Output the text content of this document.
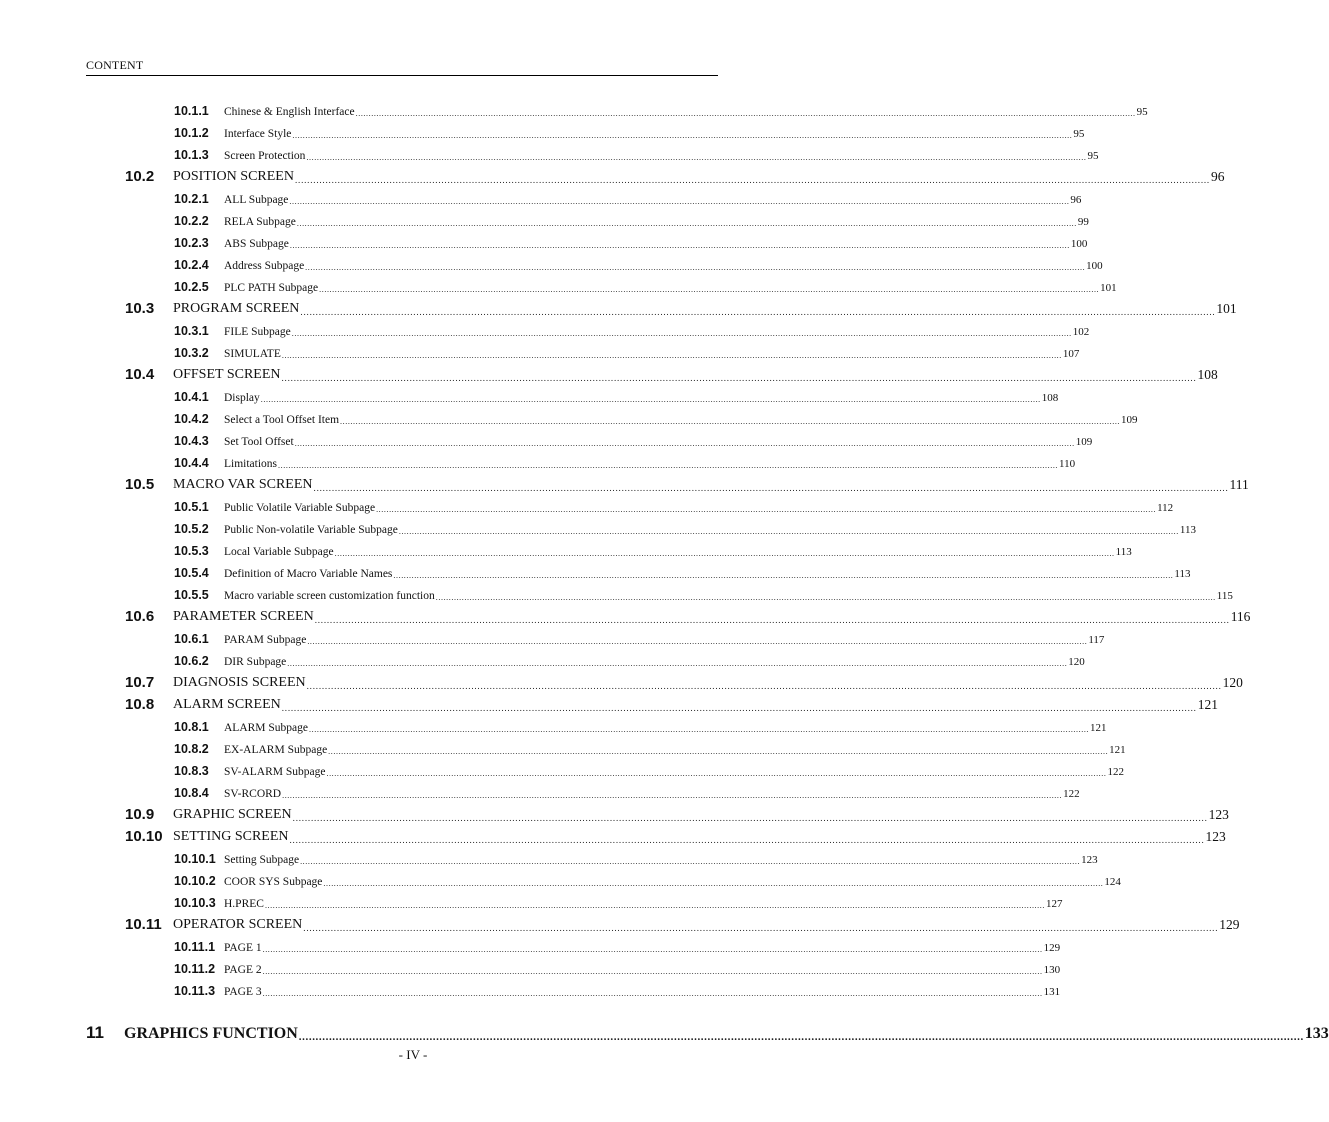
CONTENT
10.1.1 Chinese & English Interface ............................................................................................................................................................................................................................................................................................................ 95
10.1.2 Interface Style ............................................................................................................................................................................................................................................................................................................ 95
10.1.3 Screen Protection ............................................................................................................................................................................................................................................................................................................ 95
10.2 POSITION SCREEN ............................................................................................................................................................................................................................................................................................................ 96
10.2.1 ALL Subpage ............................................................................................................................................................................................................................................................................................................ 96
10.2.2 RELA Subpage ............................................................................................................................................................................................................................................................................................................ 99
10.2.3 ABS Subpage ............................................................................................................................................................................................................................................................................................................ 100
10.2.4 Address Subpage ............................................................................................................................................................................................................................................................................................................ 100
10.2.5 PLC PATH Subpage ............................................................................................................................................................................................................................................................................................................ 101
10.3 PROGRAM SCREEN ............................................................................................................................................................................................................................................................................................................ 101
10.3.1 FILE Subpage ............................................................................................................................................................................................................................................................................................................ 102
10.3.2 SIMULATE ............................................................................................................................................................................................................................................................................................................ 107
10.4 OFFSET SCREEN ............................................................................................................................................................................................................................................................................................................ 108
10.4.1 Display ............................................................................................................................................................................................................................................................................................................ 108
10.4.2 Select a Tool Offset Item ............................................................................................................................................................................................................................................................................................................ 109
10.4.3 Set Tool Offset ............................................................................................................................................................................................................................................................................................................ 109
10.4.4 Limitations ............................................................................................................................................................................................................................................................................................................ 110
10.5 MACRO VAR SCREEN ............................................................................................................................................................................................................................................................................................................ 111
10.5.1 Public Volatile Variable Subpage ............................................................................................................................................................................................................................................................................................................ 112
10.5.2 Public Non-volatile Variable Subpage ............................................................................................................................................................................................................................................................................................................ 113
10.5.3 Local Variable Subpage ............................................................................................................................................................................................................................................................................................................ 113
10.5.4 Definition of Macro Variable Names ............................................................................................................................................................................................................................................................................................................ 113
10.5.5 Macro variable screen customization function ............................................................................................................................................................................................................................................................................................................ 115
10.6 PARAMETER SCREEN ............................................................................................................................................................................................................................................................................................................ 116
10.6.1 PARAM Subpage ............................................................................................................................................................................................................................................................................................................ 117
10.6.2 DIR Subpage ............................................................................................................................................................................................................................................................................................................ 120
10.7 DIAGNOSIS SCREEN ............................................................................................................................................................................................................................................................................................................ 120
10.8 ALARM SCREEN ............................................................................................................................................................................................................................................................................................................ 121
10.8.1 ALARM Subpage ............................................................................................................................................................................................................................................................................................................ 121
10.8.2 EX-ALARM Subpage ............................................................................................................................................................................................................................................................................................................ 121
10.8.3 SV-ALARM Subpage ............................................................................................................................................................................................................................................................................................................ 122
10.8.4 SV-RCORD ............................................................................................................................................................................................................................................................................................................ 122
10.9 GRAPHIC SCREEN ............................................................................................................................................................................................................................................................................................................ 123
10.10 SETTING SCREEN ............................................................................................................................................................................................................................................................................................................ 123
10.10.1 Setting Subpage ............................................................................................................................................................................................................................................................................................................ 123
10.10.2 COOR SYS Subpage ............................................................................................................................................................................................................................................................................................................ 124
10.10.3 H.PREC ............................................................................................................................................................................................................................................................................................................ 127
10.11 OPERATOR SCREEN ............................................................................................................................................................................................................................................................................................................ 129
10.11.1 PAGE 1 ............................................................................................................................................................................................................................................................................................................ 129
10.11.2 PAGE 2 ............................................................................................................................................................................................................................................................................................................ 130
10.11.3 PAGE 3 ............................................................................................................................................................................................................................................................................................................ 131
11 GRAPHICS FUNCTION ............................................................................................................................................................................................................................................................................................................ 133
- IV -
